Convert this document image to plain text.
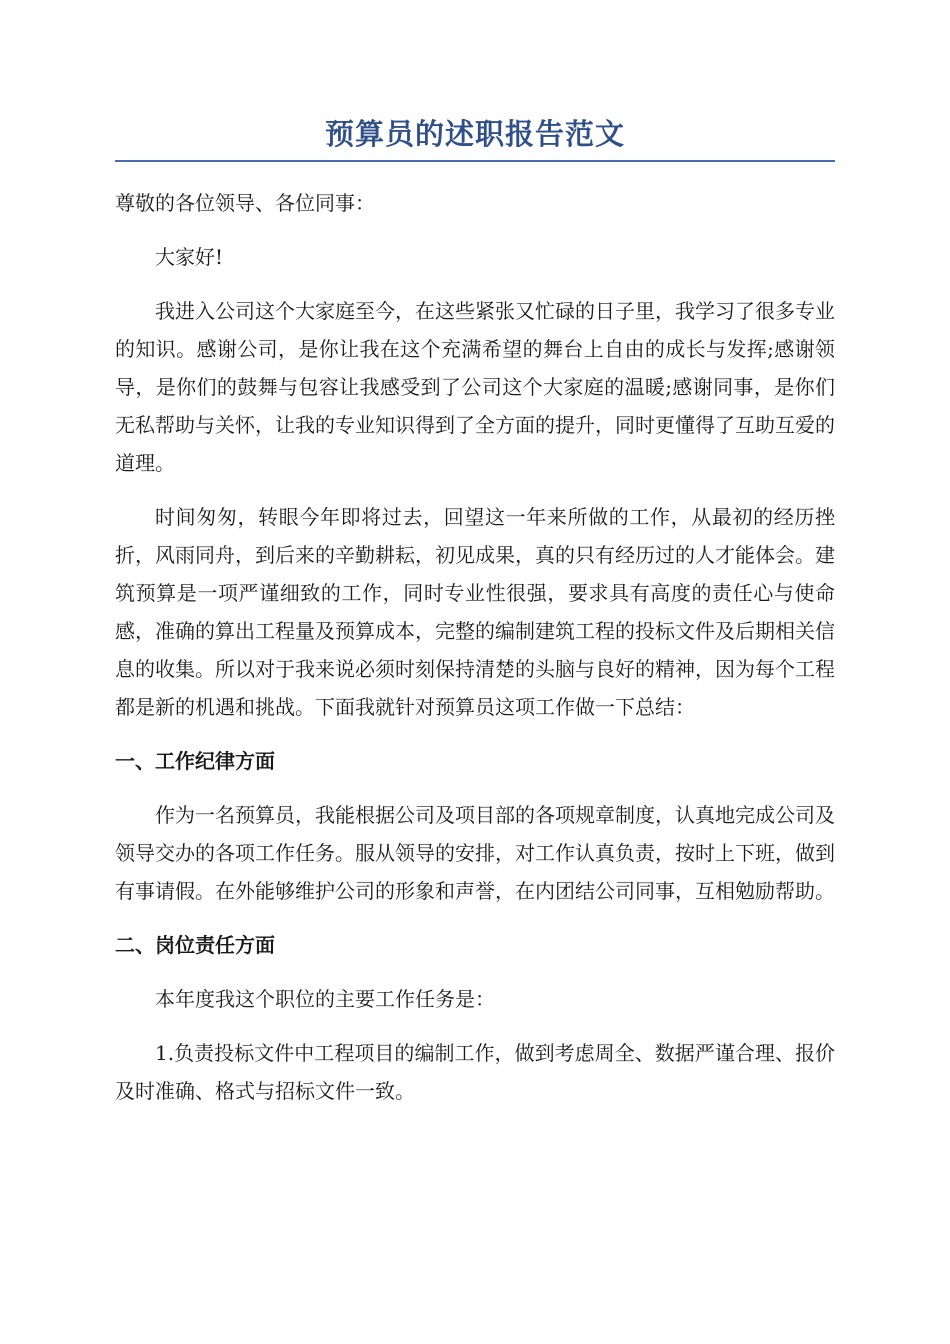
预算员的述职报告范文

尊敬的各位领导、各位同事：

大家好!

我进入公司这个大家庭至今，在这些紧张又忙碌的日子里，我学习了很多专业的知识。感谢公司，是你让我在这个充满希望的舞台上自由的成长与发挥;感谢领导，是你们的鼓舞与包容让我感受到了公司这个大家庭的温暖;感谢同事，是你们无私帮助与关怀，让我的专业知识得到了全方面的提升，同时更懂得了互助互爱的道理。

时间匆匆，转眼今年即将过去，回望这一年来所做的工作，从最初的经历挫折，风雨同舟，到后来的辛勤耕耘，初见成果，真的只有经历过的人才能体会。建筑预算是一项严谨细致的工作，同时专业性很强，要求具有高度的责任心与使命感，准确的算出工程量及预算成本，完整的编制建筑工程的投标文件及后期相关信息的收集。所以对于我来说必须时刻保持清楚的头脑与良好的精神，因为每个工程都是新的机遇和挑战。下面我就针对预算员这项工作做一下总结：

一、工作纪律方面

作为一名预算员，我能根据公司及项目部的各项规章制度，认真地完成公司及领导交办的各项工作任务。服从领导的安排，对工作认真负责，按时上下班，做到有事请假。在外能够维护公司的形象和声誉，在内团结公司同事，互相勉励帮助。

二、岗位责任方面

本年度我这个职位的主要工作任务是：

1.负责投标文件中工程项目的编制工作，做到考虑周全、数据严谨合理、报价及时准确、格式与招标文件一致。
